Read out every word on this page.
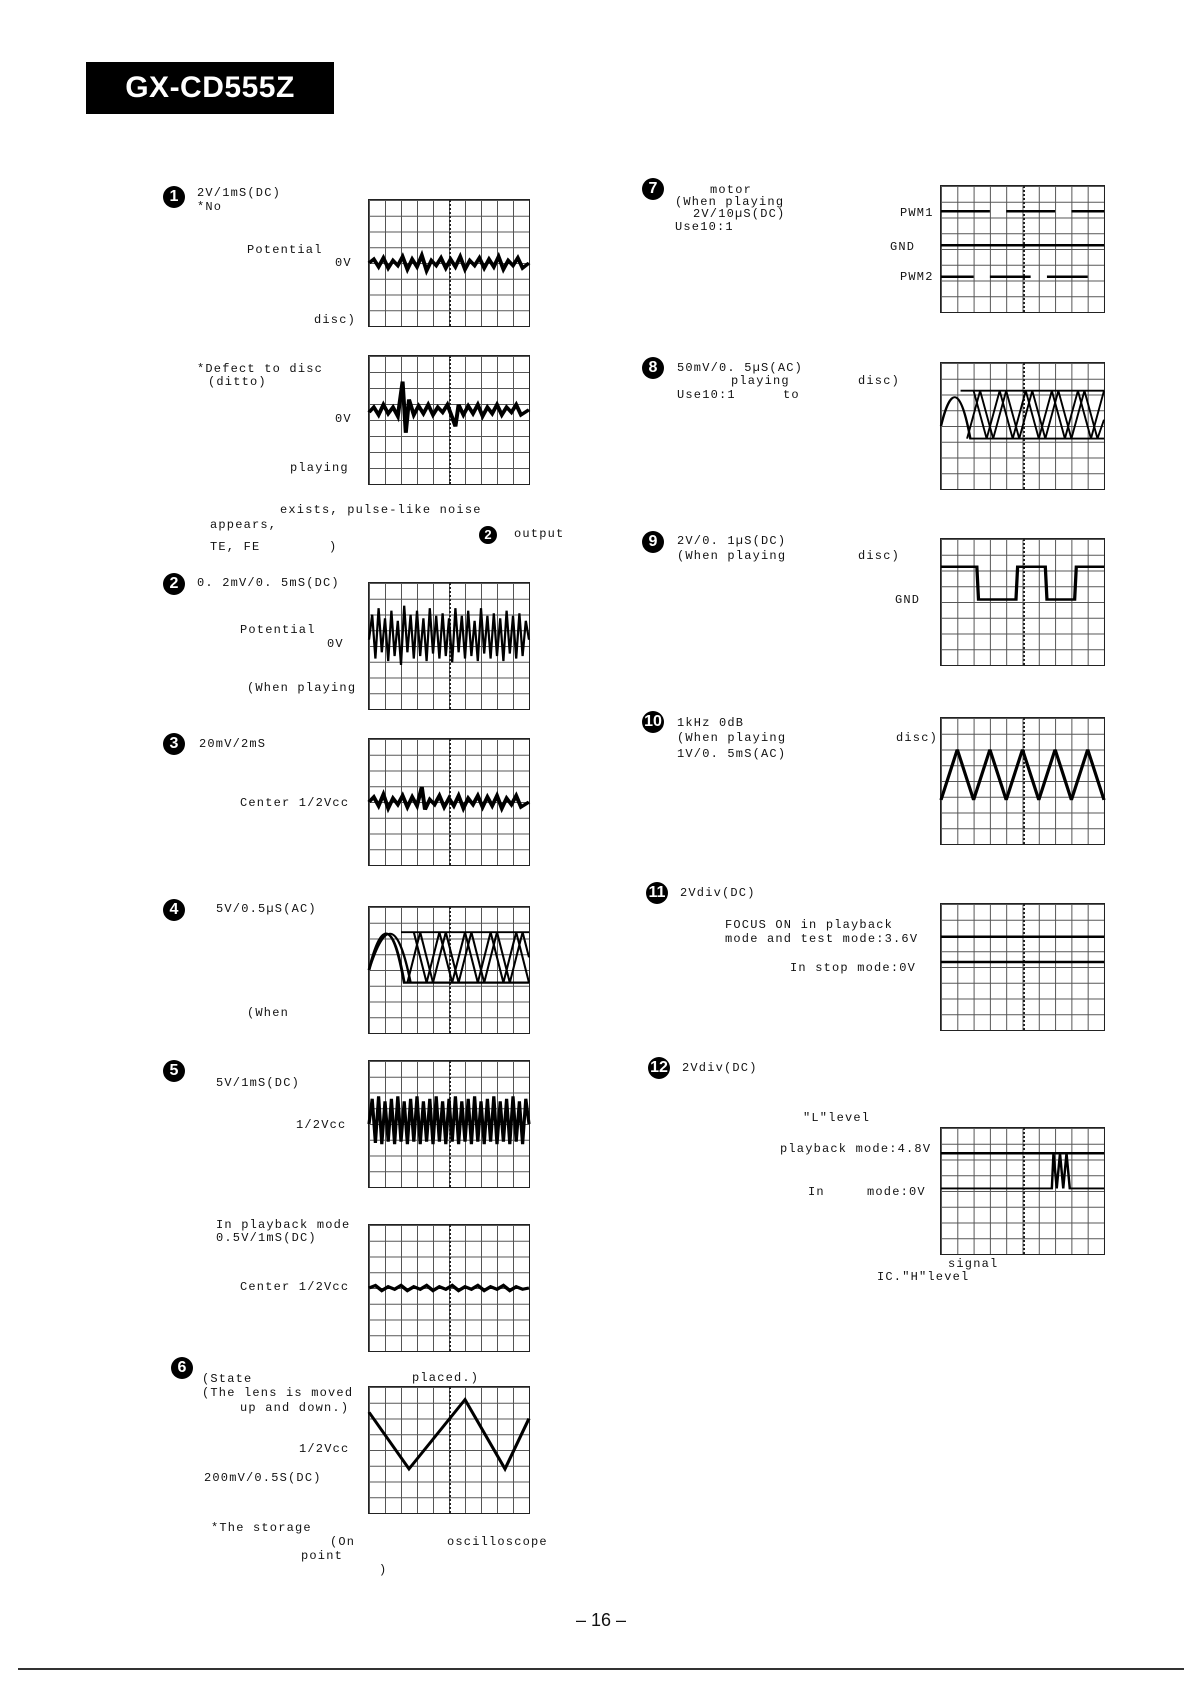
GX-CD555Z
1	2V/1mS(DC)
*No
Potential
0V
disc)
*Defect to disc
(ditto)
0V
playing
exists, pulse-like noise
appears,
TE, FE	)
2	output
2	0. 2mV/0. 5mS(DC)
Potential
0V
(When playing
3	20mV/2mS
Center 1/2Vcc
4	5V/0.5µS(AC)
(When
5
5V/1mS(DC)
1/2Vcc
In playback mode
0.5V/1mS(DC)
Center 1/2Vcc
6
(State	placed.)
(The lens is moved
up and down.)
1/2Vcc
200mV/0.5S(DC)
*The storage
(On	oscilloscope
point
)
7	motor
(When playing
2V/10µS(DC)
Use10:1
PWM1
GND
PWM2
8	50mV/0. 5µS(AC)
playing
Use10:1	to
disc)
9	2V/0. 1µS(DC)
(When playing	disc)
GND
10 1kHz 0dB
(When playing
1V/0. 5mS(AC)
disc)
11 2Vdiv(DC)
FOCUS ON in playback
mode and test mode:3.6V
In stop mode:0V
12 2Vdiv(DC)
"L"level
playback mode:4.8V
In	mode:0V
signal
IC."H"level
– 16 –
